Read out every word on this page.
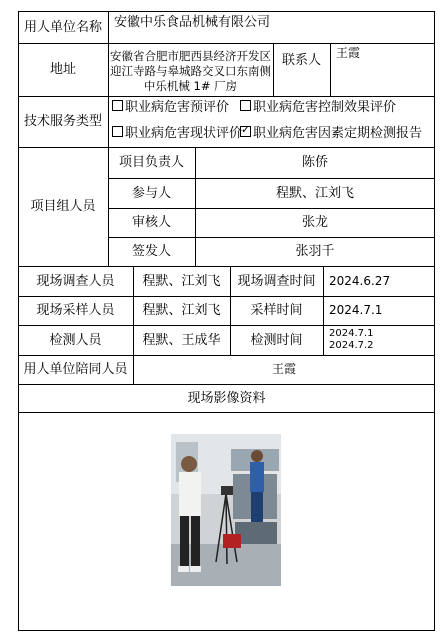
用人单位名称 安徽中乐食品机械有限公司
地址
安徽省合肥市肥西县经济开发区
迎江寺路与皋城路交叉口东南侧
中乐机械 1# 厂房
联系人	王霞
技术服务类型
职业病危害预评价 职业病危害控制效果评价
职业病危害现状评价
✓ 职业病危害因素定期检测报告
项目组人员
项目负责人	陈侨
参与人	程默、江刘飞
审核人	张龙
签发人	张羽千
现场调查人员	程默、江刘飞	现场调查时间	2024.6.27
现场采样人员	程默、江刘飞	采样时间	2024.7.1
检测人员	程默、王成华	检测时间	2024.7.1
2024.7.2
用人单位陪同人员	王霞
现场影像资料
